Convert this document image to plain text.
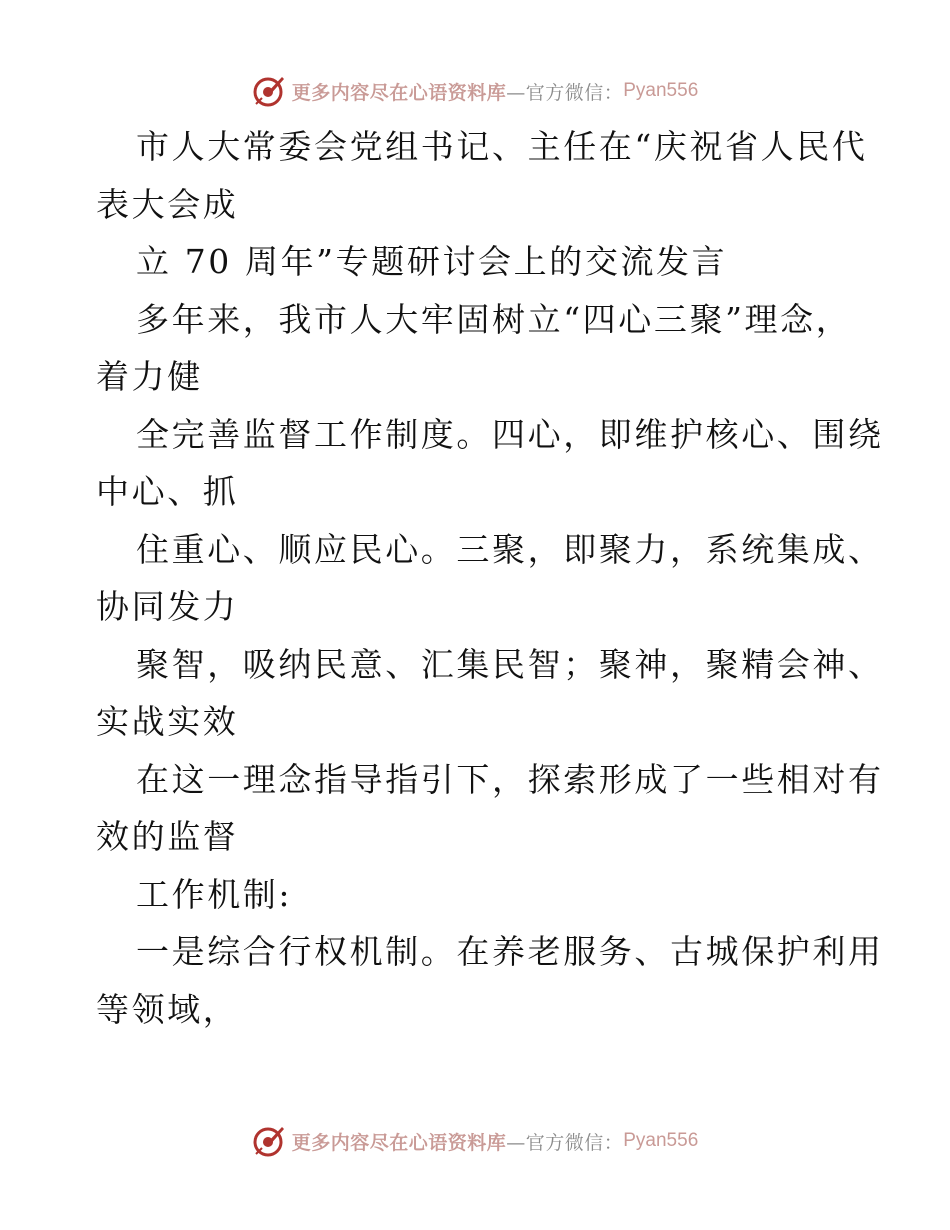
更多内容尽在心语资料库 —官方微信： Pyan556
市人大常委会党组书记、主任在“庆祝省人民代
表大会成
立 70 周年”专题研讨会上的交流发言
多年来，我市人大牢固树立“四心三聚”理念，
着力健
全完善监督工作制度。四心，即维护核心、围绕
中心、抓
住重心、顺应民心。三聚，即聚力，系统集成、
协同发力
聚智，吸纳民意、汇集民智；聚神，聚精会神、
实战实效
在这一理念指导指引下，探索形成了一些相对有
效的监督
工作机制:
一是综合行权机制。在养老服务、古城保护利用
等领域，
更多内容尽在心语资料库 —官方微信： Pyan556
